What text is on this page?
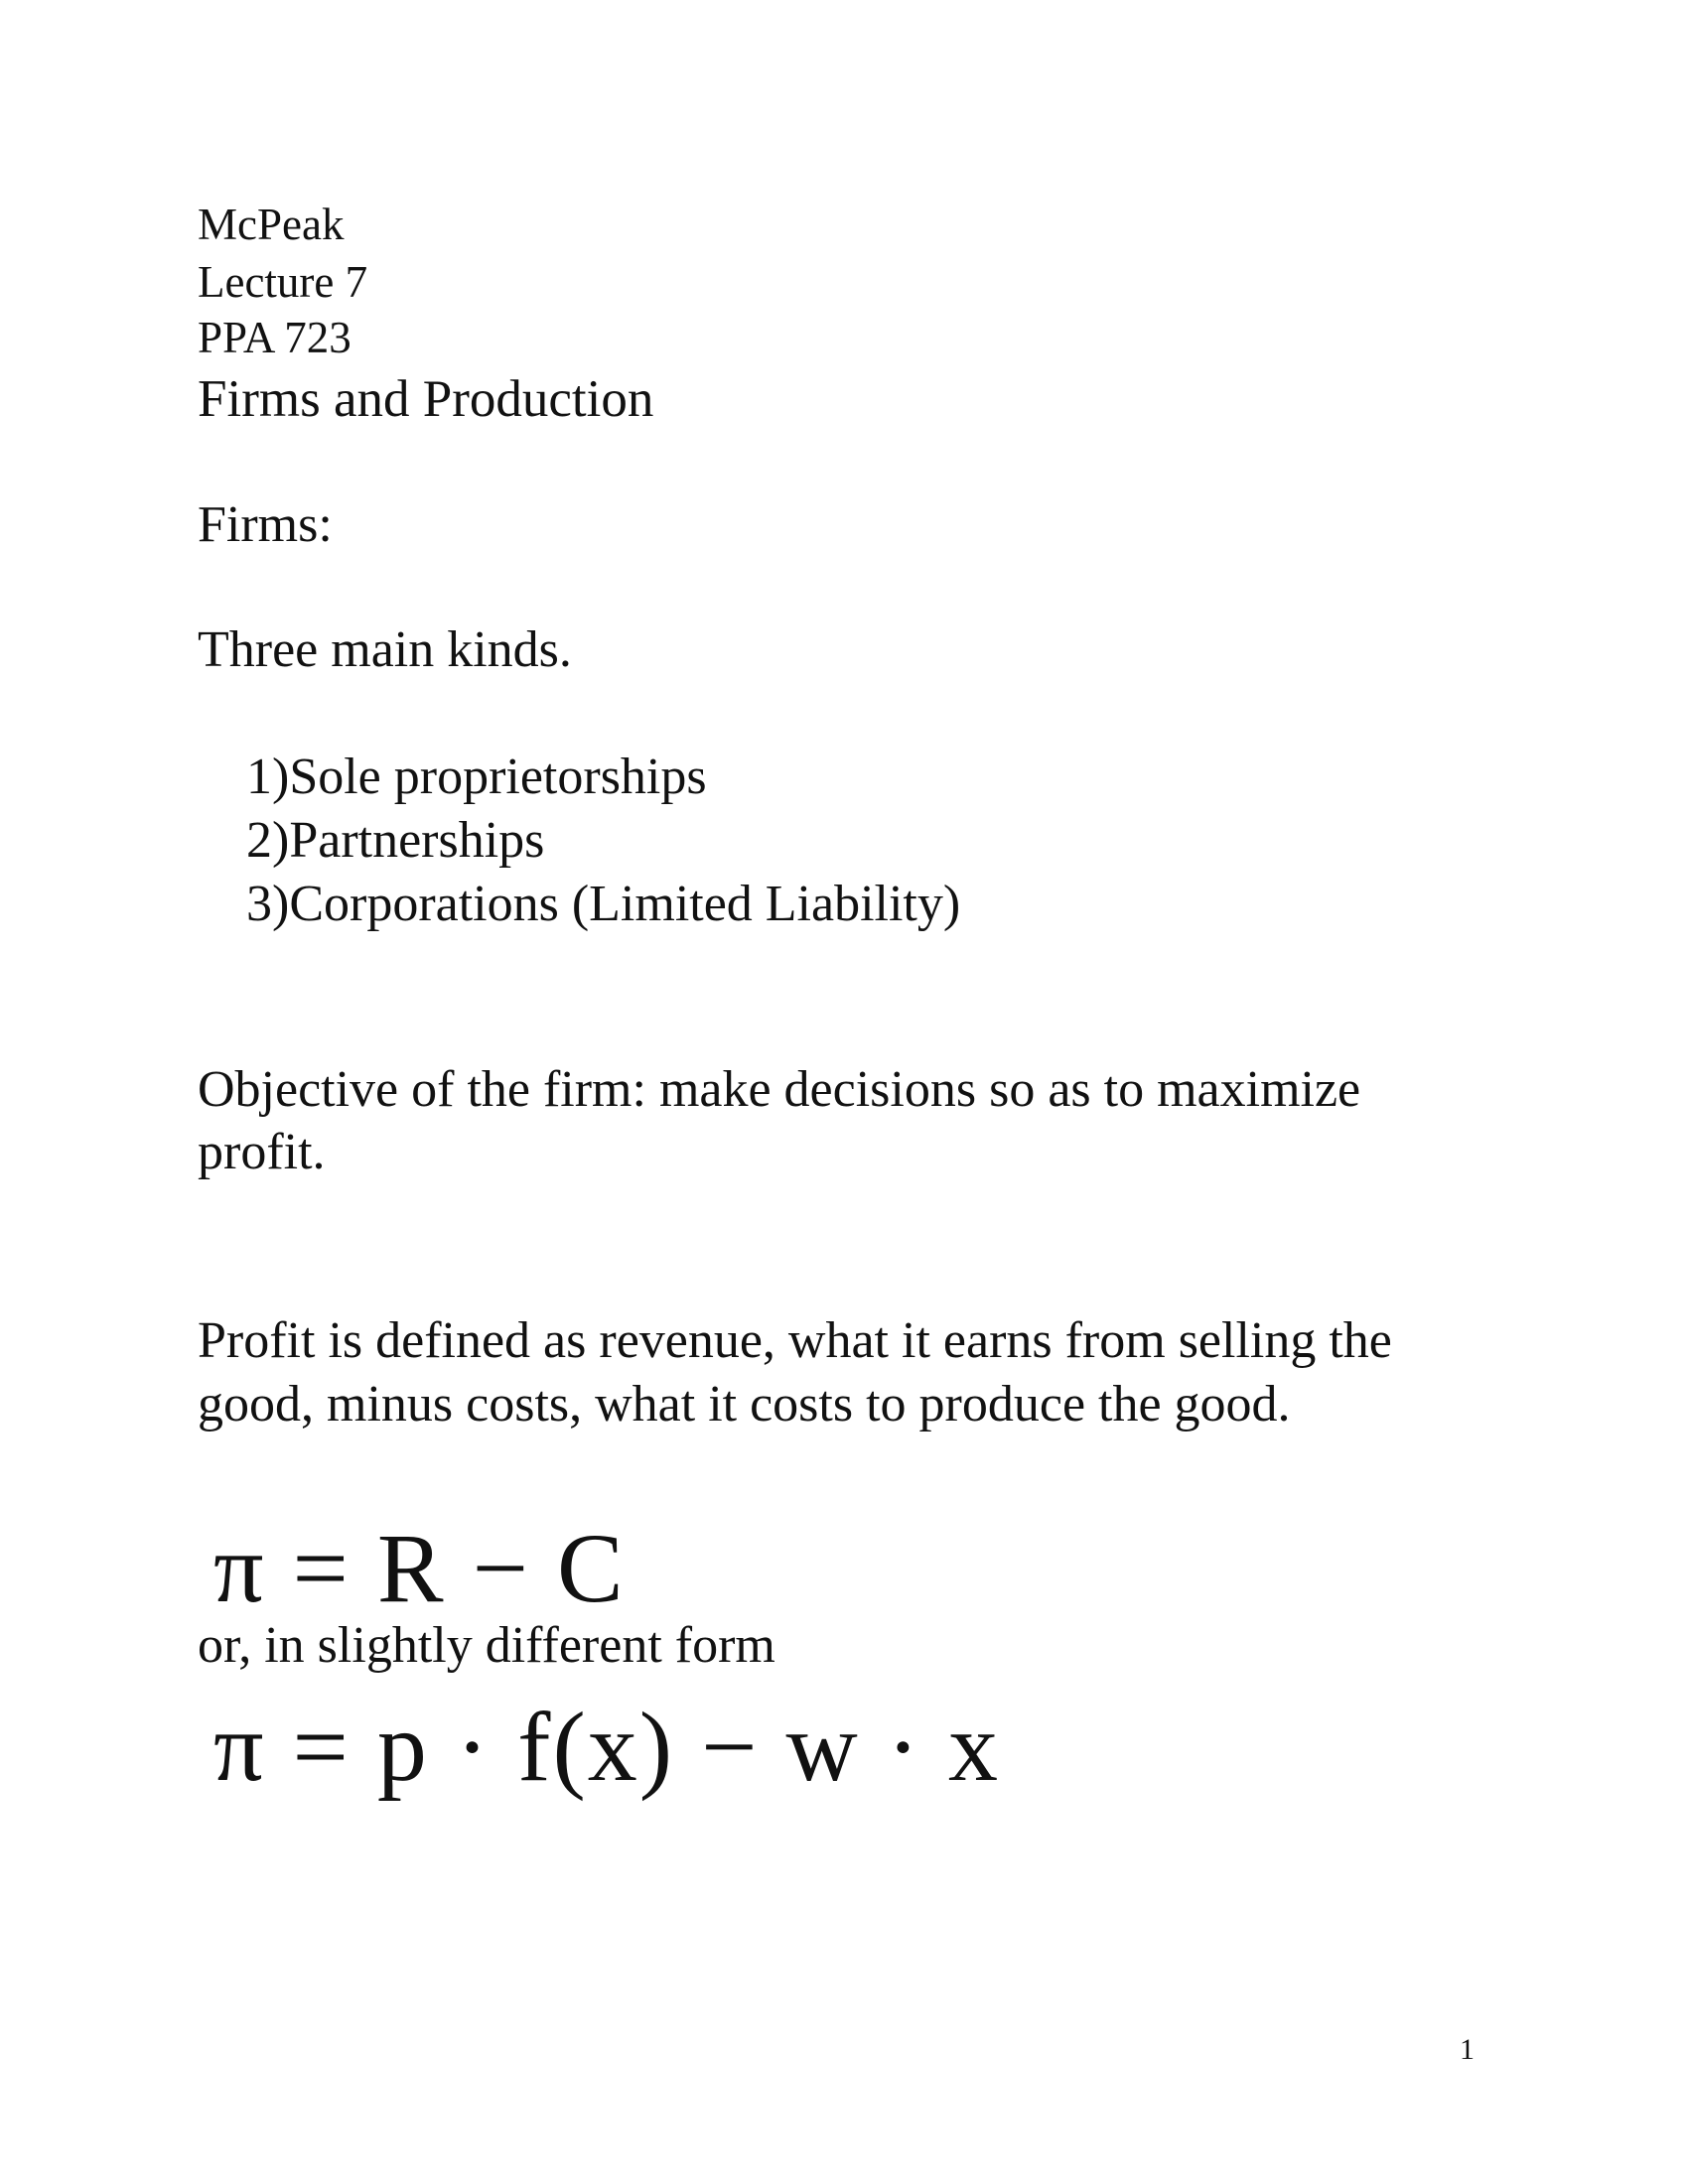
McPeak
Lecture 7
PPA 723
Firms and Production
Firms:
Three main kinds.
1)Sole proprietorships
2)Partnerships
3)Corporations (Limited Liability)
Objective of the firm: make decisions so as to maximize
profit.
Profit is defined as revenue, what it earns from selling the
good, minus costs, what it costs to produce the good.
π = R − C
or, in slightly different form
π = p · f(x) − w · x
1
